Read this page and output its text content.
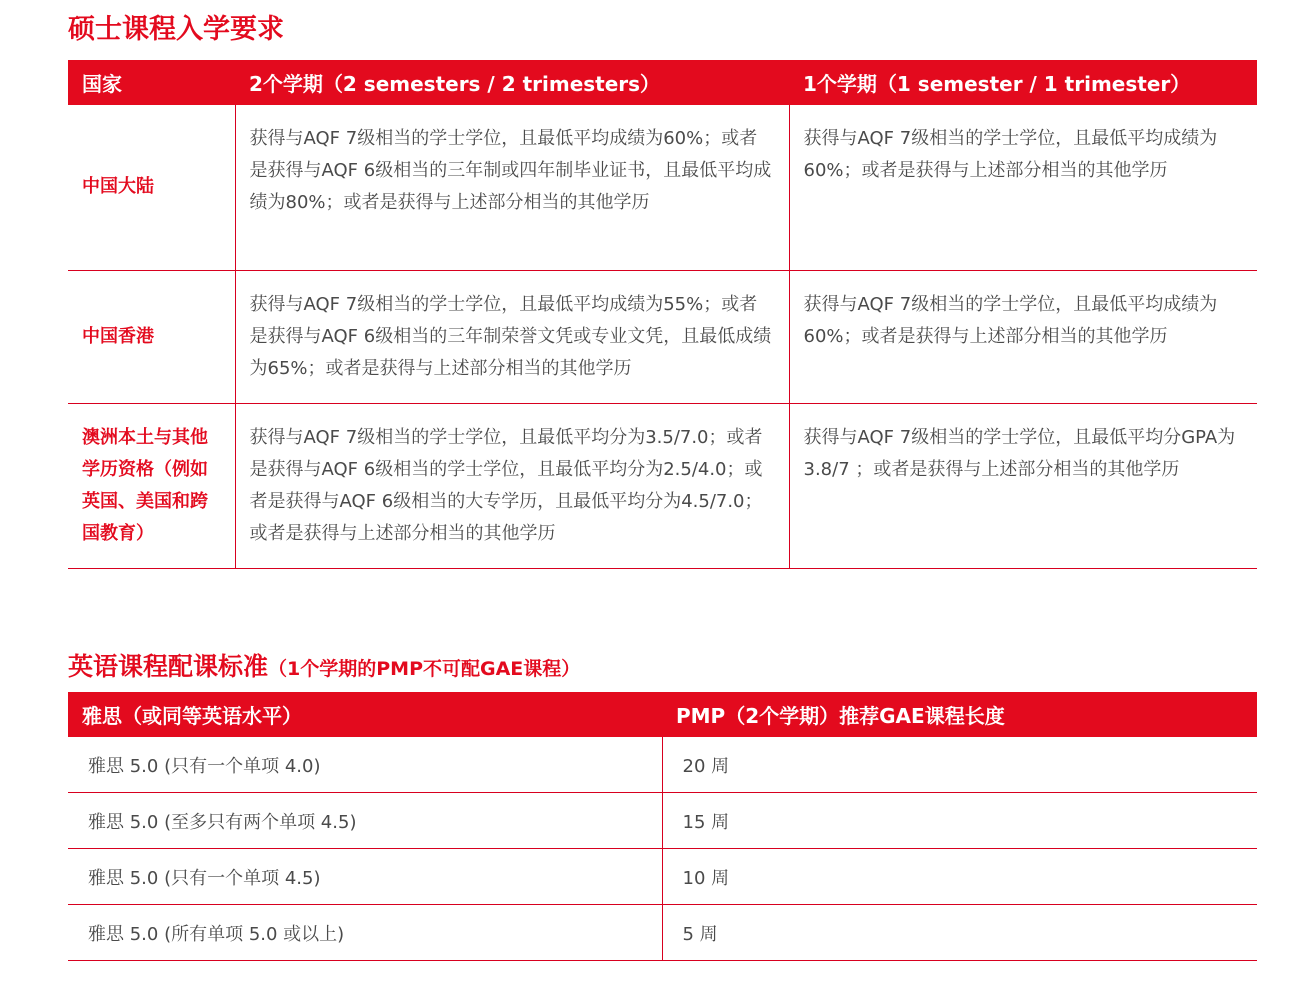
硕士课程入学要求
国家	2个学期（2 semesters / 2 trimesters）	1个学期（1 semester / 1 trimester）
中国大陆	获得与AQF 7级相当的学士学位，且最低平均成绩为60%；或者是获得与AQF 6级相当的三年制或四年制毕业证书，且最低平均成绩为80%；或者是获得与上述部分相当的其他学历	获得与AQF 7级相当的学士学位，且最低平均成绩为60%；或者是获得与上述部分相当的其他学历
中国香港	获得与AQF 7级相当的学士学位，且最低平均成绩为55%；或者是获得与AQF 6级相当的三年制荣誉文凭或专业文凭，且最低成绩为65%；或者是获得与上述部分相当的其他学历	获得与AQF 7级相当的学士学位，且最低平均成绩为60%；或者是获得与上述部分相当的其他学历
澳洲本土与其他学历资格（例如英国、美国和跨国教育）	获得与AQF 7级相当的学士学位，且最低平均分为3.5/7.0；或者是获得与AQF 6级相当的学士学位，且最低平均分为2.5/4.0；或者是获得与AQF 6级相当的大专学历，且最低平均分为4.5/7.0；或者是获得与上述部分相当的其他学历	获得与AQF 7级相当的学士学位，且最低平均分GPA为3.8/7 ；或者是获得与上述部分相当的其他学历
英语课程配课标准（1个学期的PMP不可配GAE课程）
雅思（或同等英语水平）	PMP（2个学期）推荐GAE课程长度
雅思 5.0 (只有一个单项 4.0)	20 周
雅思 5.0 (至多只有两个单项 4.5)	15 周
雅思 5.0 (只有一个单项 4.5)	10 周
雅思 5.0 (所有单项 5.0 或以上)	5 周
